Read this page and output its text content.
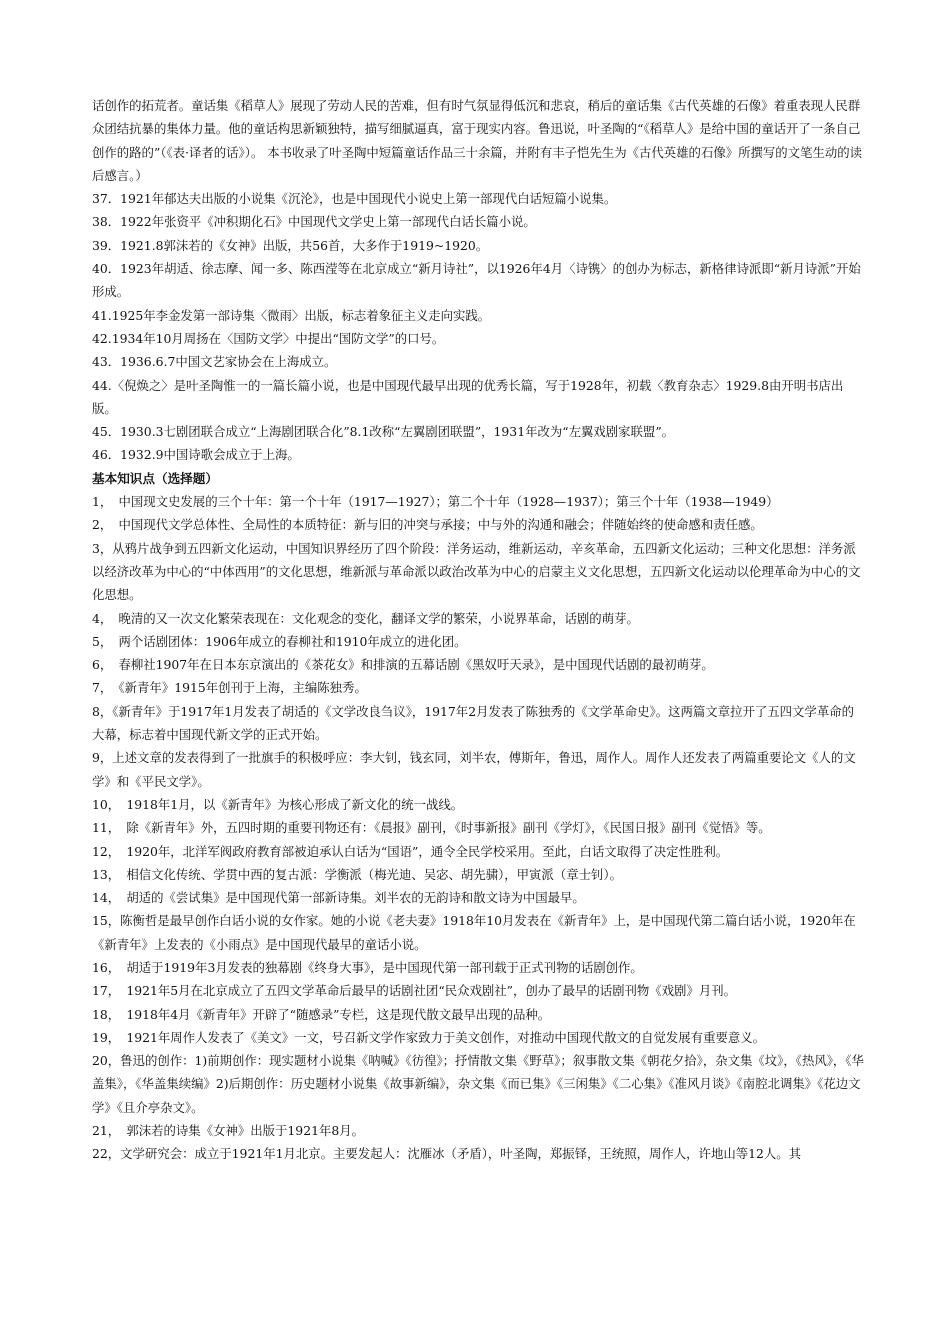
话创作的拓荒者。童话集《稻草人》展现了劳动人民的苦难，但有时气氛显得低沉和悲哀，稍后的童话集《古代英雄的石像》着重表现人民群众团结抗暴的集体力量。他的童话构思新颖独特，描写细腻逼真，富于现实内容。鲁迅说，叶圣陶的“《稻草人》是给中国的童话开了一条自己创作的路的”（《表·译者的话》）。 本书收录了叶圣陶中短篇童话作品三十余篇，并附有丰子恺先生为《古代英雄的石像》所撰写的文笔生动的读后感言。）

37．1921年郁达夫出版的小说集《沉沦》，也是中国现代小说史上第一部现代白话短篇小说集。

38．1922年张资平《冲积期化石》中国现代文学史上第一部现代白话长篇小说。

39．1921.8郭沫若的《女神》出版，共56首，大多作于1919~1920。

40．1923年胡适、徐志摩、闻一多、陈西滢等在北京成立“新月诗社”，以1926年4月〈诗镌〉的创办为标志，新格律诗派即“新月诗派”开始形成。

41.1925年李金发第一部诗集〈微雨〉出版，标志着象征主义走向实践。

42.1934年10月周扬在〈国防文学〉中提出“国防文学”的口号。

43．1936.6.7中国文艺家协会在上海成立。

44.〈倪焕之〉是叶圣陶惟一的一篇长篇小说，也是中国现代最早出现的优秀长篇，写于1928年，初载〈教育杂志〉1929.8由开明书店出版。

45．1930.3七剧团联合成立“上海剧团联合化”8.1改称“左翼剧团联盟”，1931年改为“左翼戏剧家联盟”。

46．1932.9中国诗歌会成立于上海。

基本知识点（选择题）

1，　中国现文史发展的三个十年：第一个十年（1917—1927）；第二个十年（1928—1937）；第三个十年（1938—1949）

2，　中国现代文学总体性、全局性的本质特征：新与旧的冲突与承接；中与外的沟通和融会；伴随始终的使命感和责任感。

3，从鸦片战争到五四新文化运动，中国知识界经历了四个阶段：洋务运动，维新运动，辛亥革命，五四新文化运动；三种文化思想：洋务派以经济改革为中心的“中体西用”的文化思想，维新派与革命派以政治改革为中心的启蒙主义文化思想，五四新文化运动以伦理革命为中心的文化思想。

4，　晚清的又一次文化繁荣表现在：文化观念的变化，翻译文学的繁荣，小说界革命，话剧的萌芽。

5，　两个话剧团体：1906年成立的春柳社和1910年成立的进化团。

6，　春柳社1907年在日本东京演出的《茶花女》和排演的五幕话剧《黑奴吁天录》，是中国现代话剧的最初萌芽。

7，　《新青年》1915年创刊于上海，主编陈独秀。

8，《新青年》于1917年1月发表了胡适的《文学改良刍议》，1917年2月发表了陈独秀的《文学革命史》。这两篇文章拉开了五四文学革命的大幕，标志着中国现代新文学的正式开始。

9，上述文章的发表得到了一批旗手的积极呼应：李大钊，钱玄同，刘半农，傅斯年，鲁迅，周作人。周作人还发表了两篇重要论文《人的文学》和《平民文学》。

10，　1918年1月，以《新青年》为核心形成了新文化的统一战线。

11，　除《新青年》外，五四时期的重要刊物还有：《晨报》副刊，《时事新报》副刊《学灯》，《民国日报》副刊《觉悟》等。

12，　1920年，北洋军阀政府教育部被迫承认白话为“国语”，通令全民学校采用。至此，白话文取得了决定性胜利。

13，　相信文化传统、学贯中西的复古派：学衡派（梅光迪、吴宓、胡先骕），甲寅派（章士钊）。

14，　胡适的《尝试集》是中国现代第一部新诗集。刘半农的无韵诗和散文诗为中国最早。

15，陈衡哲是最早创作白话小说的女作家。她的小说《老夫妻》1918年10月发表在《新青年》上，是中国现代第二篇白话小说，1920年在《新青年》上发表的《小雨点》是中国现代最早的童话小说。

16，　胡适于1919年3月发表的独幕剧《终身大事》，是中国现代第一部刊载于正式刊物的话剧创作。

17，　1921年5月在北京成立了五四文学革命后最早的话剧社团“民众戏剧社”，创办了最早的话剧刊物《戏剧》月刊。

18，　1918年4月《新青年》开辟了“随感录”专栏，这是现代散文最早出现的品种。

19，　1921年周作人发表了《美文》一文，号召新文学作家致力于美文创作，对推动中国现代散文的自觉发展有重要意义。

20，鲁迅的创作：1)前期创作：现实题材小说集《呐喊》《彷徨》；抒情散文集《野草》；叙事散文集《朝花夕拾》，杂文集《坟》，《热风》，《华盖集》，《华盖集续编》2)后期创作：历史题材小说集《故事新编》，杂文集《而已集》《三闲集》《二心集》《准风月谈》《南腔北调集》《花边文学》《且介亭杂文》。

21，　郭沫若的诗集《女神》出版于1921年8月。

22，文学研究会：成立于1921年1月北京。主要发起人：沈雁冰（矛盾），叶圣陶，郑振铎，王统照，周作人，许地山等12人。其
